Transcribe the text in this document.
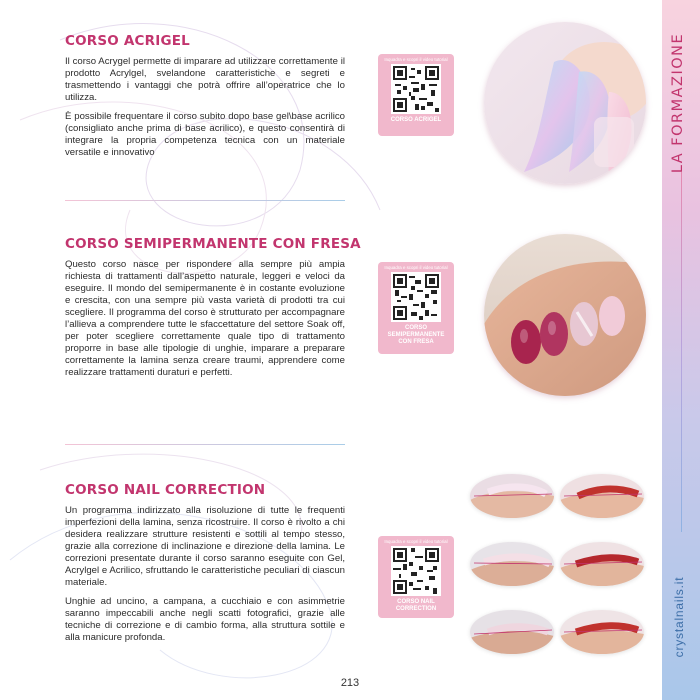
CORSO ACRIGEL

Il corso Acrygel permette di imparare ad utilizzare correttamente il prodotto Acrylgel, svelandone caratteristiche e segreti e trasmettendo i vantaggi che potrà offrire all’operatrice che lo utilizza.

È possibile frequentare il corso subito dopo base gel\base acrilico (consigliato anche prima di base acrilico), e questo consentirà di integrare la propria competenza tecnica con un materiale versatile e innovativo

Inquadra e scopri il video tutorial
CORSO ACRIGEL
CORSO SEMIPERMANENTE CON FRESA

Questo corso nasce per rispondere alla sempre più ampia richiesta di trattamenti dall’aspetto naturale, leggeri e veloci da eseguire. Il mondo del semipermanente è in costante evoluzione e crescita, con una sempre più vasta varietà di prodotti tra cui scegliere. Il programma del corso è strutturato per accompagnare l’allieva a comprendere tutte le sfaccettature del settore Soak off, per poter scegliere correttamente quale tipo di trattamento proporre in base alle tipologie di unghie, imparare a preparare correttamente la lamina senza creare traumi, apprendere come realizzare trattamenti duraturi e perfetti.

Inquadra e scopri il video tutorial
CORSO SEMIPERMANENTE CON FRESA
CORSO NAIL CORRECTION

Un programma indirizzato alla risoluzione di tutte le frequenti imperfezioni della lamina, senza ricostruire. Il corso è rivolto a chi desidera realizzare strutture resistenti e sottili al tempo stesso, grazie alla correzione di inclinazione e direzione della lamina. Le correzioni presentate durante il corso saranno eseguite con Gel, Acrylgel e Acrilico, sfruttando le caratteristiche peculiari di ciascun materiale.

Unghie ad uncino, a campana, a cucchiaio e con asimmetrie saranno impeccabili anche negli scatti fotografici, grazie alle tecniche di correzione e di cambio forma, alla struttura sottile e alla manicure profonda.

Inquadra e scopri il video tutorial
CORSO NAIL CORRECTION
LA FORMAZIONE
crystalnails.it
213
